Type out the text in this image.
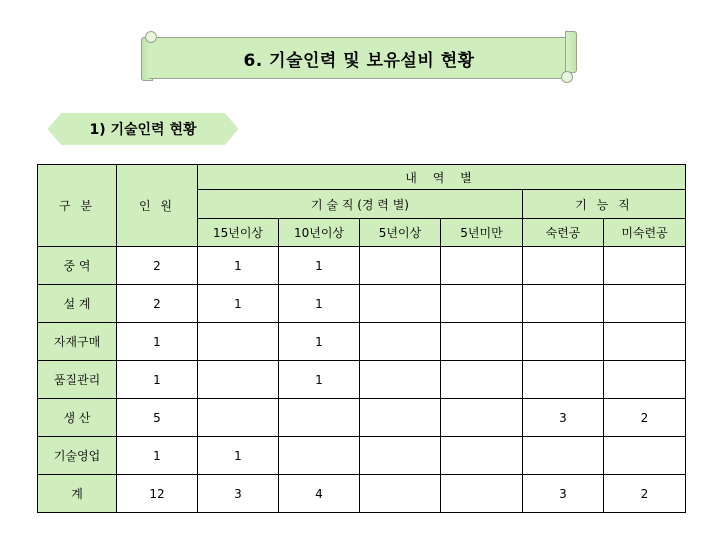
6. 기술인력 및 보유설비 현황
1) 기술인력 현황
구 분	인 원	내 역 별					
		기 술 직 (경 력 별)				기 능 직	
		15년이상	10년이상	5년이상	5년미만	숙련공	미숙련공
중 역	2	1	1				
설 계	2	1	1				
자재구매	1		1				
품질관리	1		1				
생 산	5					3	2
기술영업	1	1					
계	12	3	4			3	2
